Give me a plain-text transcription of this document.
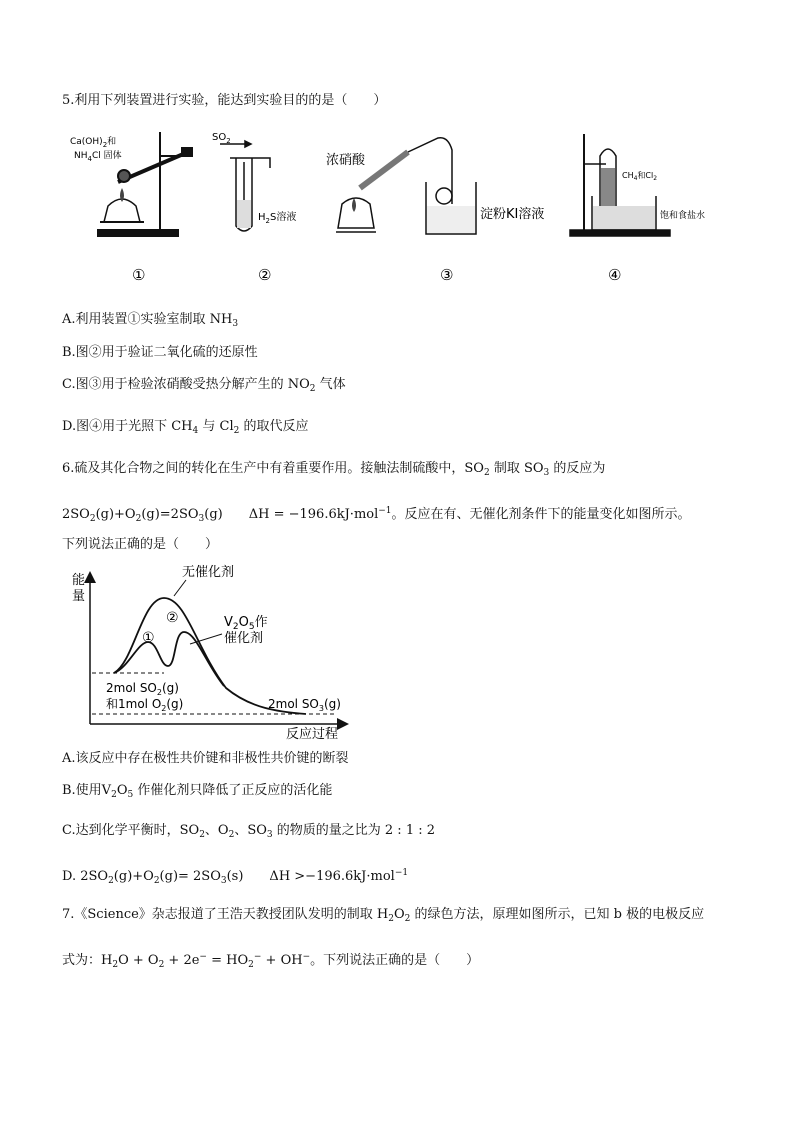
5.利用下列装置进行实验，能达到实验目的的是（　　）
$Ca(OH)_2$和
$NH_4Cl$ 固体
$SO_2$
$H_2S$溶液
浓硝酸
淀粉KI溶液
$CH_4$和$Cl_2$
饱和食盐水
①	②	③	④
A.利用装置①实验室制取 $NH_3$
B.图②用于验证二氧化硫的还原性
C.图③用于检验浓硝酸受热分解产生的 $NO_2$ 气体
D.图④用于光照下 $CH_4$ 与 $Cl_2$ 的取代反应
6.硫及其化合物之间的转化在生产中有着重要作用。接触法制硫酸中，$SO_2$ 制取 $SO_3$ 的反应为
$2SO_2(g)+O_2(g)=2SO_3(g)$　　ΔH = −196.6kJ·mol$^{-1}$。反应在有、无催化剂条件下的能量变化如图所示。
下列说法正确的是（　　）
能
量
反应过程
无催化剂
$V_2O_5$作
催化剂
①
②
2mol $SO_2(g)$
和1mol $O_2(g)$	2mol $SO_3(g)$
A.该反应中存在极性共价键和非极性共价键的断裂
B.使用$V_2O_5$ 作催化剂只降低了正反应的活化能
C.达到化学平衡时，$SO_2$、$O_2$、$SO_3$ 的物质的量之比为 2 : 1 : 2
D. $2SO_2(g)+O_2(g)= 2SO_3(s)$　　ΔH >−196.6kJ·mol$^{-1}$
7.《Science》杂志报道了王浩天教授团队发明的制取 $H_2O_2$ 的绿色方法，原理如图所示，已知 b 极的电极反应
式为：$H_2O + O_2 + 2e^- = HO_2^- + OH^-$。下列说法正确的是（　　）
